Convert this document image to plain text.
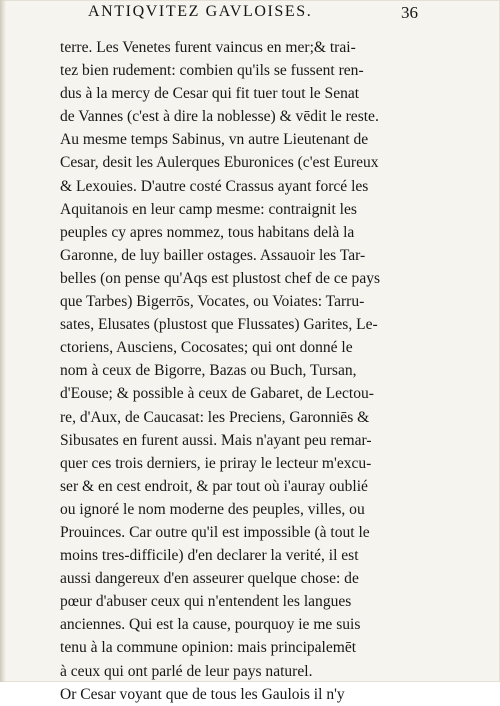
ANTIQVITEZ GAVLOISES.	36
terre. Les Venetes furent vaincus en mer;& trai-
tez bien rudement: combien qu'ils se fussent ren-
dus à la mercy de Cesar qui fit tuer tout le Senat
de Vannes (c'est à dire la noblesse) & vēdit le reste.
Au mesme temps Sabinus, vn autre Lieutenant de
Cesar, desit les Aulerques Eburonices (c'est Eureux
& Lexouies. D'autre costé Crassus ayant forcé les
Aquitanois en leur camp mesme: contraignit les
peuples cy apres nommez, tous habitans delà la
Garonne, de luy bailler ostages. Assauoir les Tar-
belles (on pense qu'Aqs est plustost chef de ce pays
que Tarbes) Bigerrōs, Vocates, ou Voiates: Tarru-
sates, Elusates (plustost que Flussates) Garites, Le-
ctoriens, Ausciens, Cocosates; qui ont donné le
nom à ceux de Bigorre, Bazas ou Buch, Tursan,
d'Eouse; & possible à ceux de Gabaret, de Lectou-
re, d'Aux, de Caucasat: les Preciens, Garonniēs &
Sibusates en furent aussi. Mais n'ayant peu remar-
quer ces trois derniers, ie priray le lecteur m'excu-
ser & en cest endroit, & par tout où i'auray oublié
ou ignoré le nom moderne des peuples, villes, ou
Prouinces. Car outre qu'il est impossible (à tout le
moins tres-difficile) d'en declarer la verité, il est
aussi dangereux d'en asseurer quelque chose: de
pœur d'abuser ceux qui n'entendent les langues
anciennes. Qui est la cause, pourquoy ie me suis
tenu à la commune opinion: mais principalemēt
à ceux qui ont parlé de leur pays naturel.
Or Cesar voyant que de tous les Gaulois il n'y
